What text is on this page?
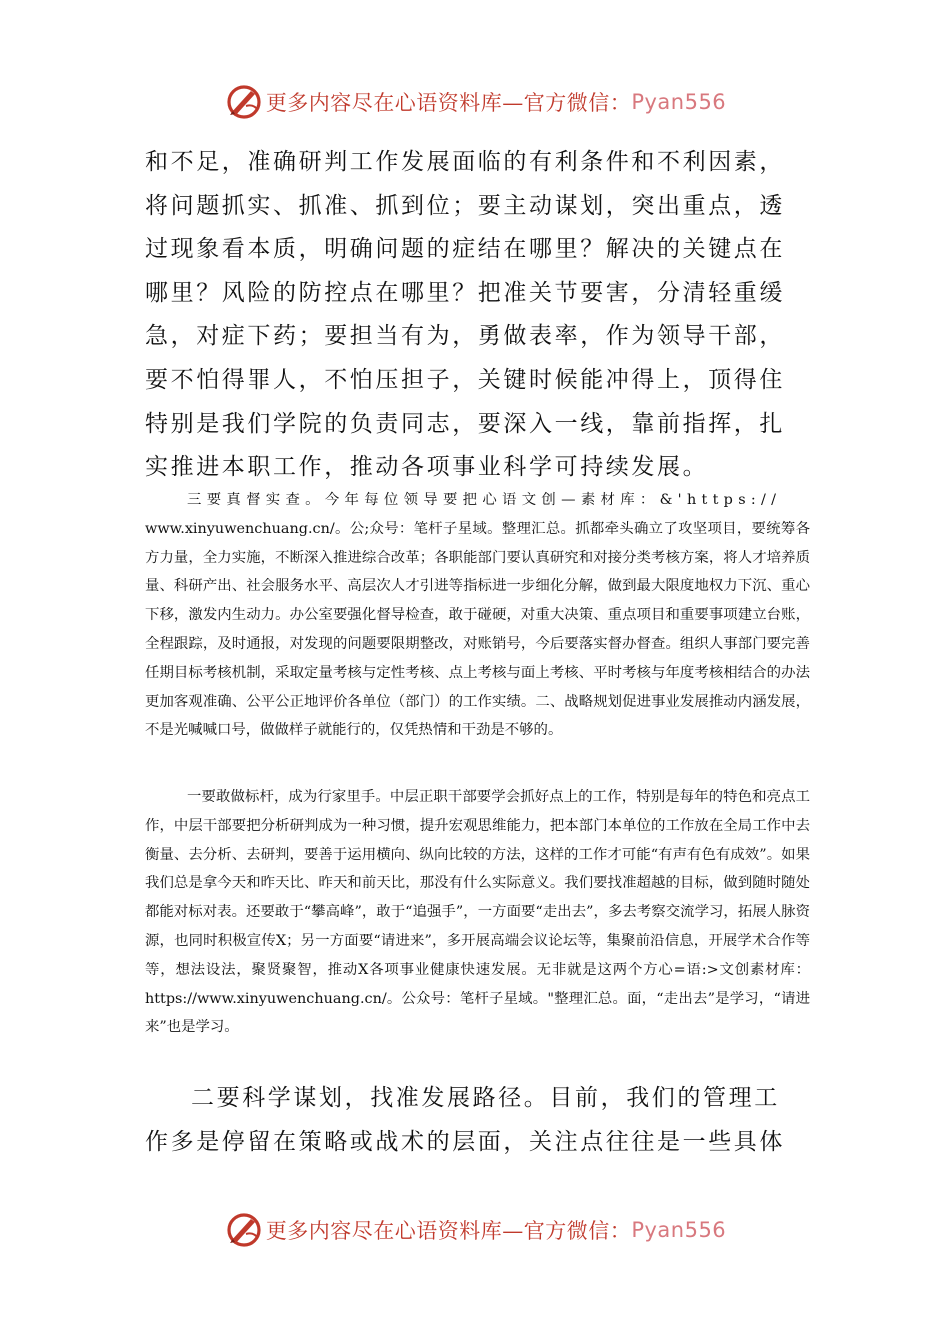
更多内容尽在心语资料库—官方微信： Pyan556

和不足，准确研判工作发展面临的有利条件和不利因素，

将问题抓实、抓准、抓到位；要主动谋划，突出重点，透

过现象看本质，明确问题的症结在哪里？解决的关键点在

哪里？风险的防控点在哪里？把准关节要害，分清轻重缓

急，对症下药；要担当有为，勇做表率，作为领导干部，

要不怕得罪人，不怕压担子，关键时候能冲得上，顶得住

特别是我们学院的负责同志，要深入一线，靠前指挥，扎

实推进本职工作，推动各项事业科学可持续发展。

三要真督实查。今年每位领导要把心语文创—素材库：&'https://

www.xinyuwenchuang.cn/。公;众号：笔杆子星域。整理汇总。抓都牵头确立了攻坚项目，要统筹各方力量，全力实施，不断深入推进综合改革；各职能部门要认真研究和对接分类考核方案，将人才培养质量、科研产出、社会服务水平、高层次人才引进等指标进一步细化分解，做到最大限度地权力下沉、重心下移，激发内生动力。办公室要强化督导检查，敢于碰硬，对重大决策、重点项目和重要事项建立台账，全程跟踪，及时通报，对发现的问题要限期整改，对账销号，今后要落实督办督查。组织人事部门要完善任期目标考核机制，采取定量考核与定性考核、点上考核与面上考核、平时考核与年度考核相结合的办法更加客观准确、公平公正地评价各单位（部门）的工作实绩。二、战略规划促进事业发展推动内涵发展，不是光喊喊口号，做做样子就能行的，仅凭热情和干劲是不够的。

一要敢做标杆，成为行家里手。中层正职干部要学会抓好点上的工作，特别是每年的特色和亮点工作，中层干部要把分析研判成为一种习惯，提升宏观思维能力，把本部门本单位的工作放在全局工作中去衡量、去分析、去研判，要善于运用横向、纵向比较的方法，这样的工作才可能“有声有色有成效”。如果我们总是拿今天和昨天比、昨天和前天比，那没有什么实际意义。我们要找准超越的目标，做到随时随处都能对标对表。还要敢于“攀高峰”，敢于“追强手”，一方面要“走出去”，多去考察交流学习，拓展人脉资源，也同时积极宣传X；另一方面要“请进来”，多开展高端会议论坛等，集聚前沿信息，开展学术合作等等，想法设法，聚贤聚智，推动X各项事业健康快速发展。无非就是这两个方心=语:>文创素材库：https://www.xinyuwenchuang.cn/。公众号：笔杆子星域。"整理汇总。面，“走出去”是学习，“请进来”也是学习。

二要科学谋划，找准发展路径。目前，我们的管理工

作多是停留在策略或战术的层面，关注点往往是一些具体

更多内容尽在心语资料库—官方微信： Pyan556
